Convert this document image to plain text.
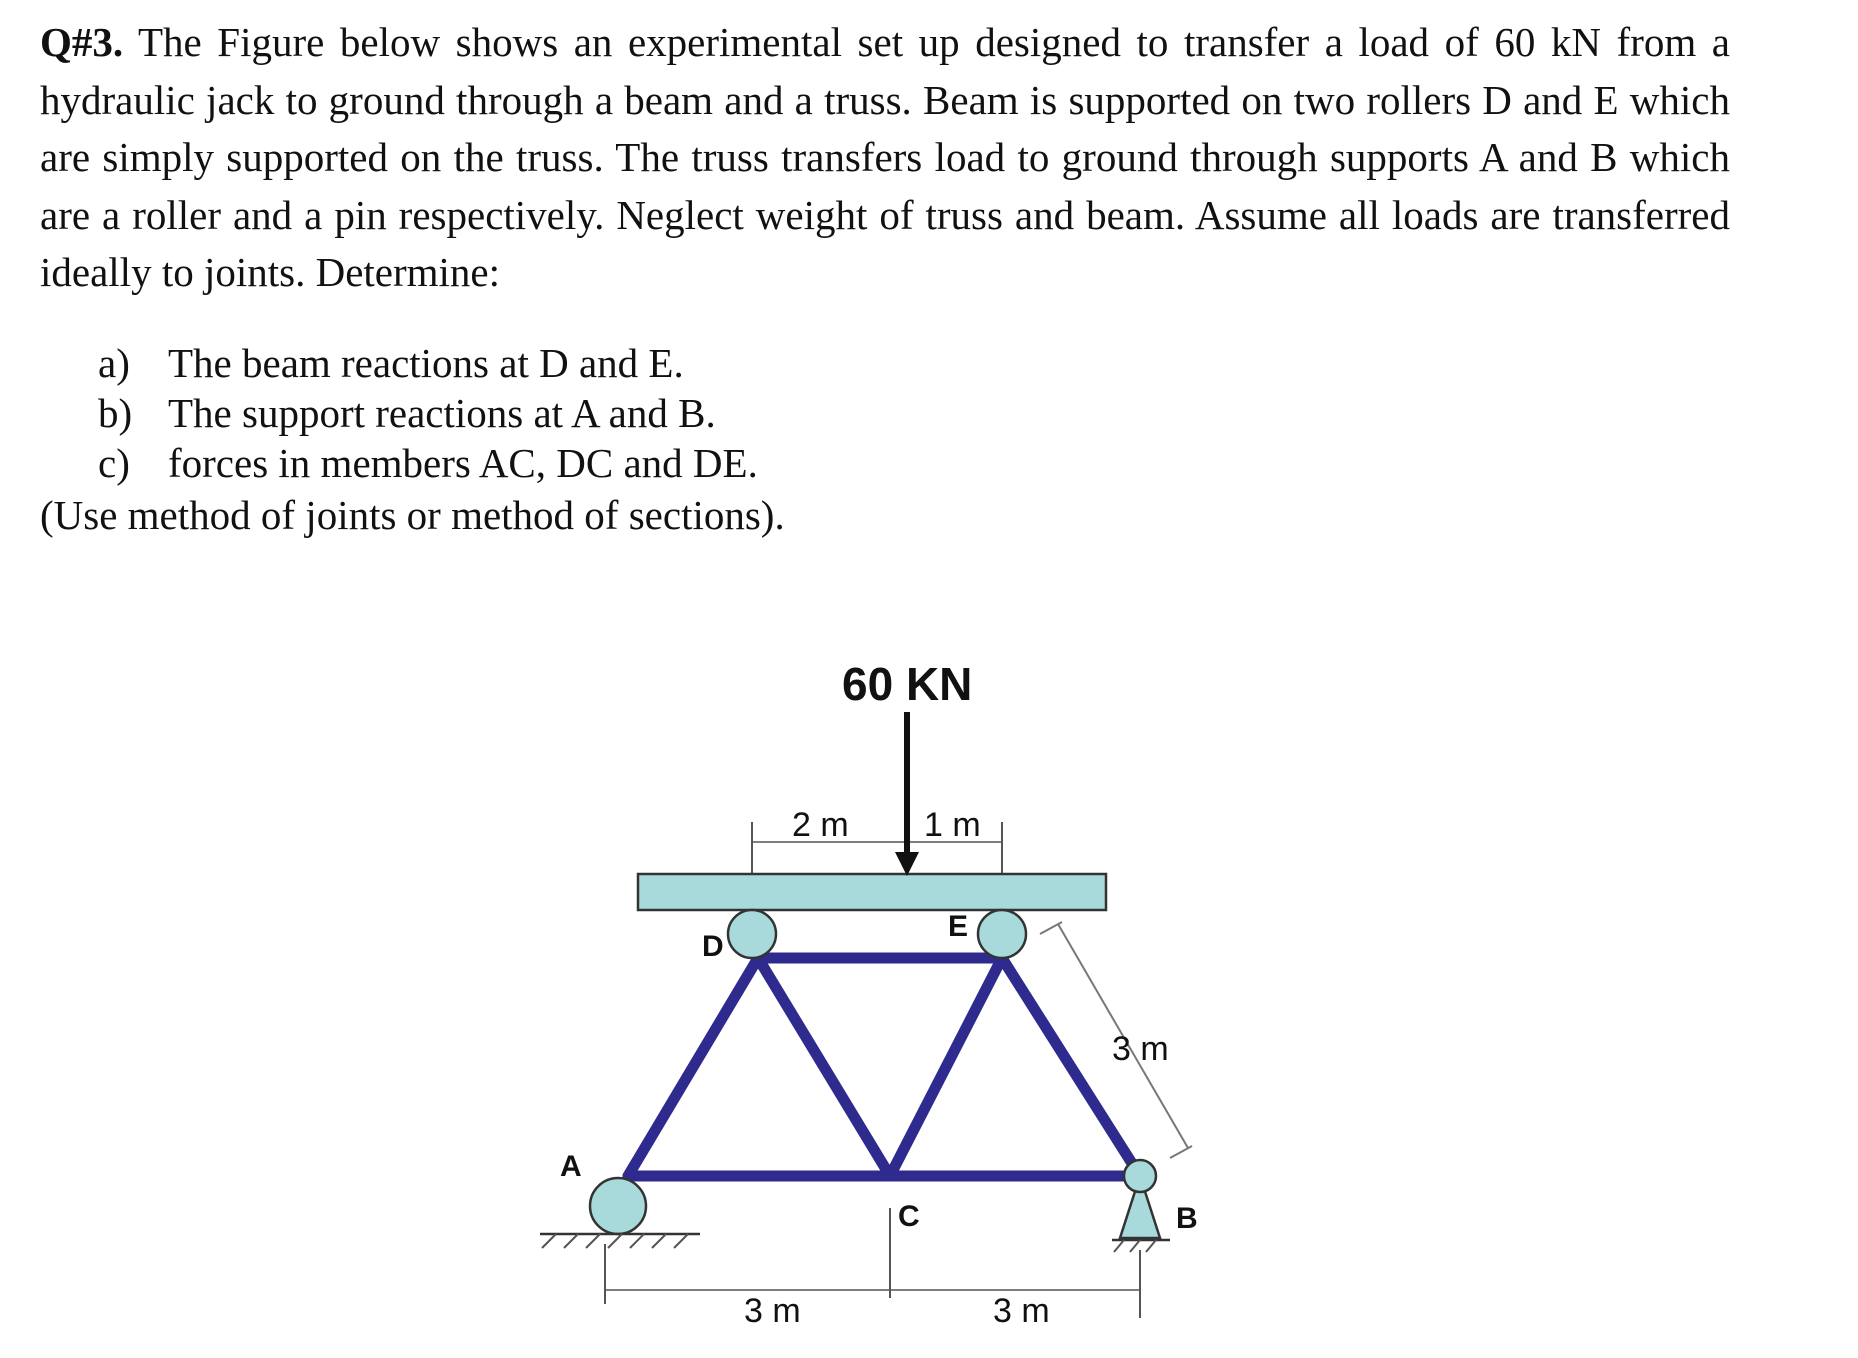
Q#3. The Figure below shows an experimental set up designed to transfer a load of 60 kN from a hydraulic jack to ground through a beam and a truss. Beam is supported on two rollers D and E which are simply supported on the truss. The truss transfers load to ground through supports A and B which are a roller and a pin respectively. Neglect weight of truss and beam. Assume all loads are transferred ideally to joints. Determine:

a) The beam reactions at D and E.
b) The support reactions at A and B.
c) forces in members AC, DC and DE.
(Use method of joints or method of sections).
60 KN
2 m 1 m
3 m
3 m	3 m
D
E
A
C	B
